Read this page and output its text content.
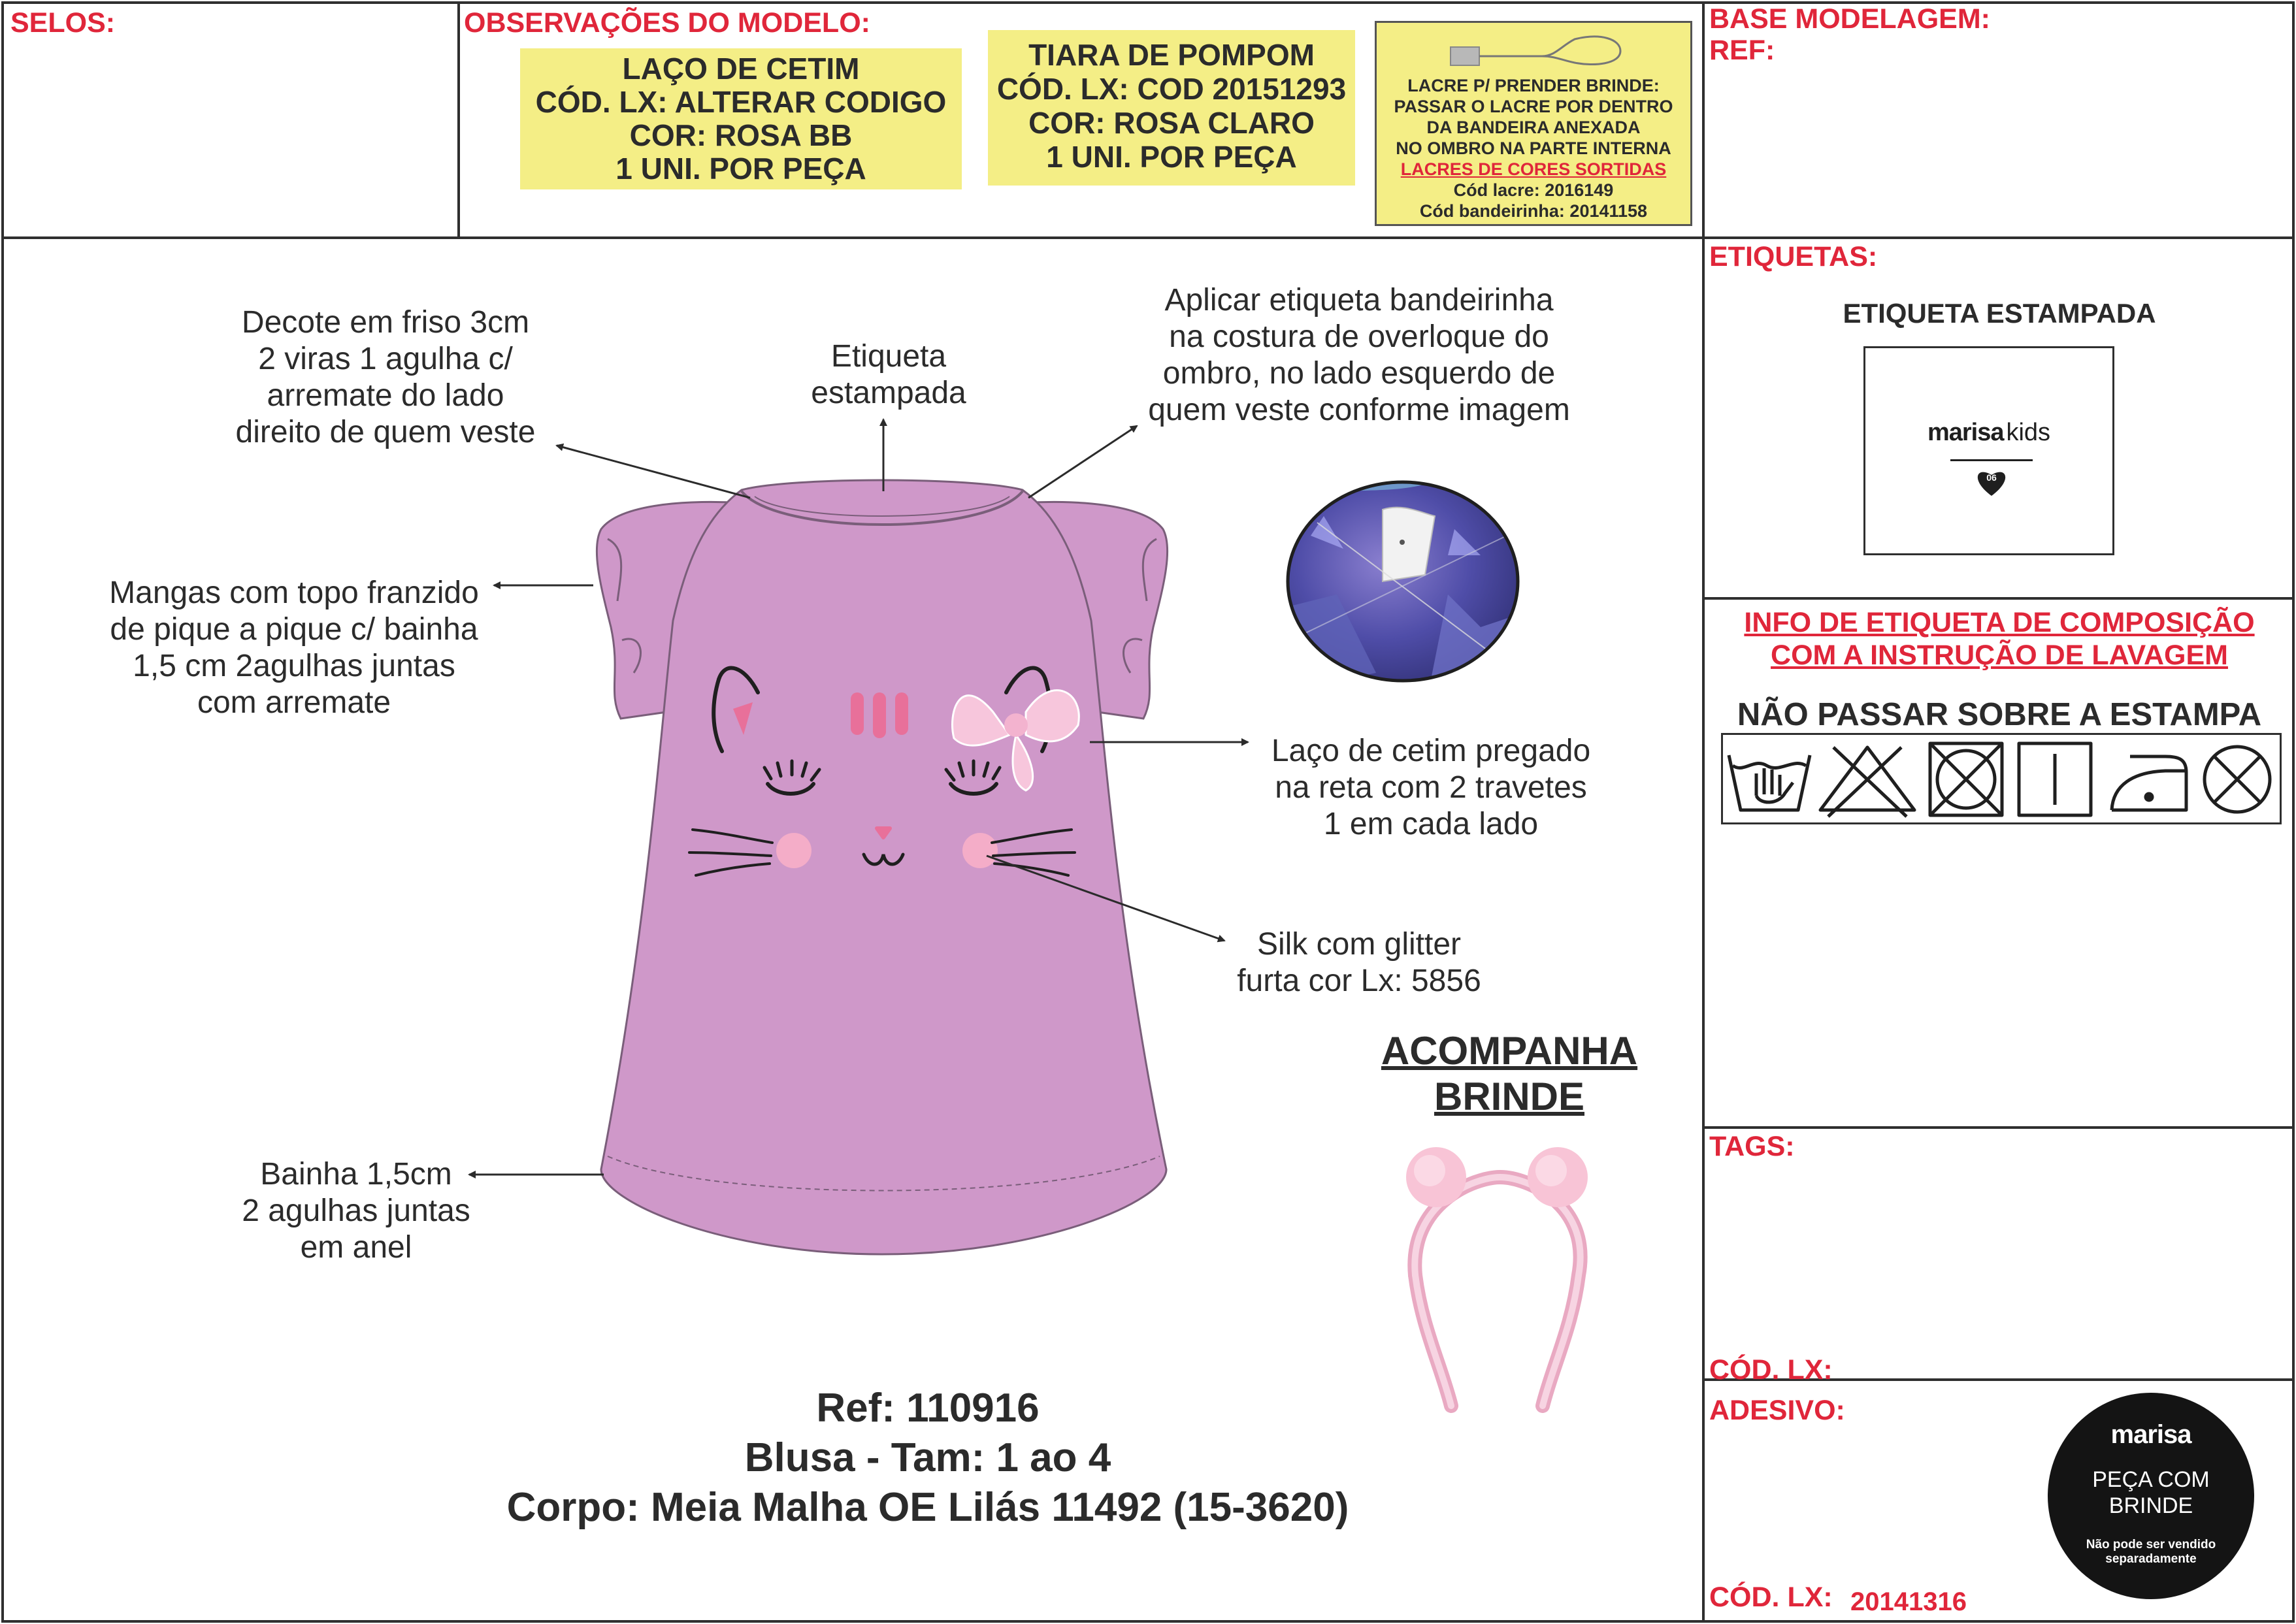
SELOS:	OBSERVAÇÕES DO MODELO:	BASE MODELAGEM:
REF:
LAÇO DE CETIM
CÓD. LX: ALTERAR CODIGO
COR: ROSA BB
1 UNI. POR PEÇA
TIARA DE POMPOM
CÓD. LX: COD 20151293
COR: ROSA CLARO
1 UNI. POR PEÇA
LACRE P/ PRENDER BRINDE:
PASSAR O LACRE POR DENTRO
DA BANDEIRA ANEXADA
NO OMBRO NA PARTE INTERNA
LACRES DE CORES SORTIDAS
Cód lacre: 2016149
Cód bandeirinha: 20141158
Decote em friso 3cm
2 viras 1 agulha c/
arremate do lado
direito de quem veste
Etiqueta
estampada
Aplicar etiqueta bandeirinha
na costura de overloque do
ombro, no lado esquerdo de
quem veste conforme imagem
Mangas com topo franzido
de pique a pique c/ bainha
1,5 cm 2agulhas juntas
com arremate
Laço de cetim pregado
na reta com 2 travetes
1 em cada lado
Silk com glitter
furta cor Lx: 5856
Bainha 1,5cm
2 agulhas juntas
em anel
ACOMPANHA
BRINDE
Ref: 110916
Blusa - Tam: 1 ao 4
Corpo: Meia Malha OE Lilás 11492 (15-3620)
ETIQUETAS:
ETIQUETA ESTAMPADA
marisa kids
06
INFO DE ETIQUETA DE COMPOSIÇÃO
COM A INSTRUÇÃO DE LAVAGEM
NÃO PASSAR SOBRE A ESTAMPA
TAGS:
CÓD. LX:
ADESIVO:
CÓD. LX: 20141316
marisa
PEÇA COM
BRINDE
Não pode ser vendido
separadamente
